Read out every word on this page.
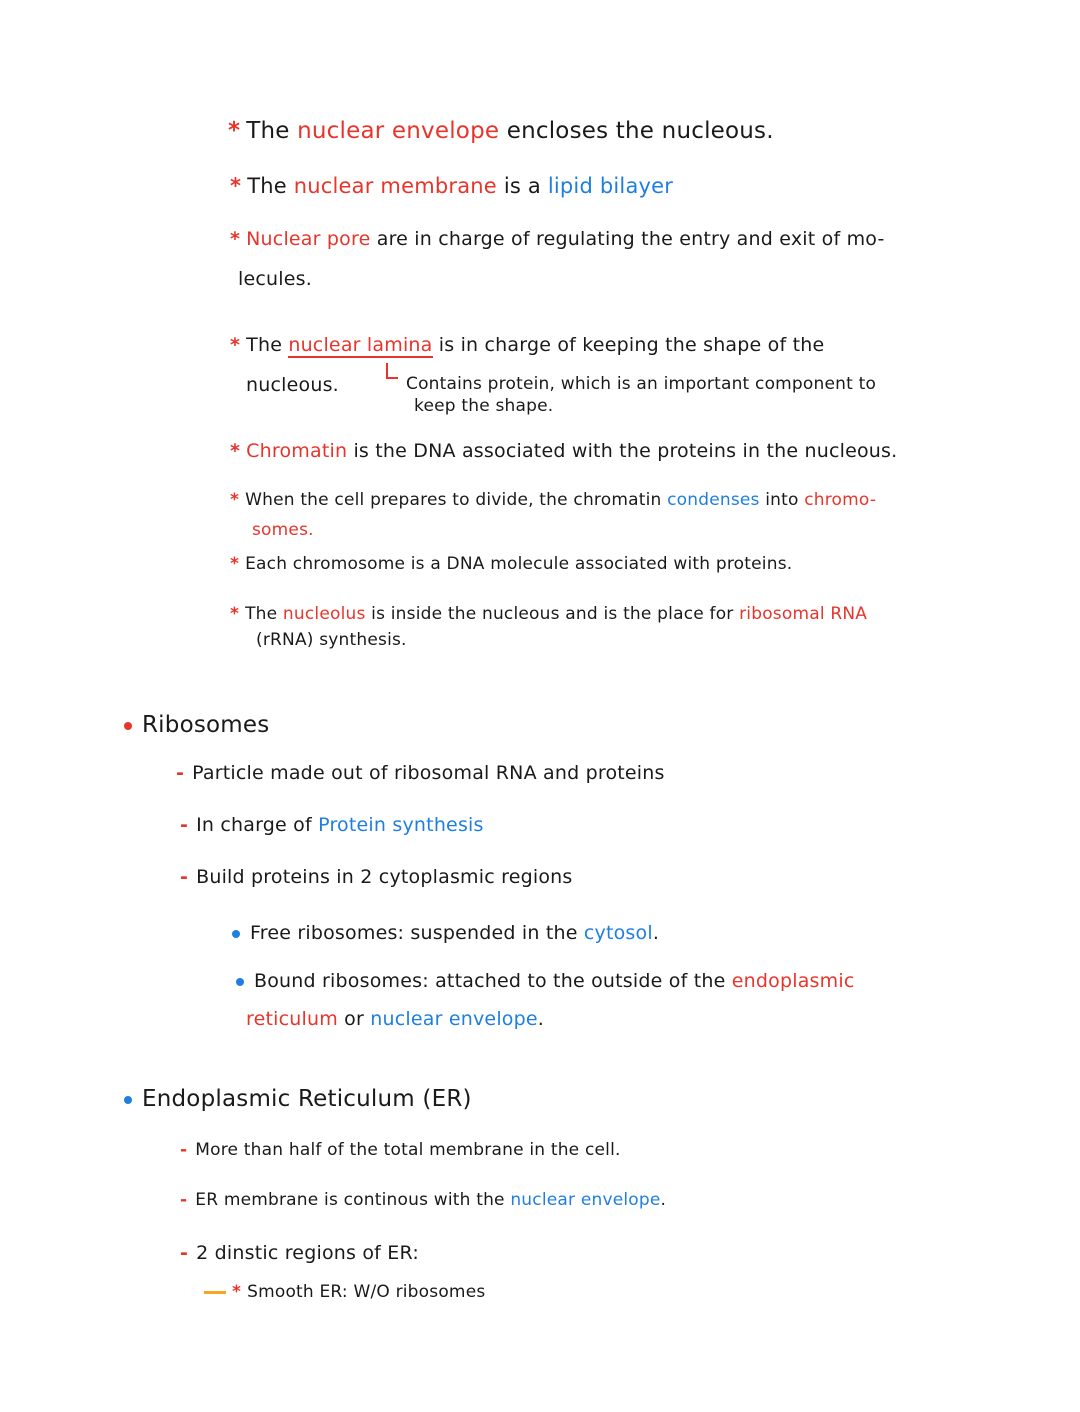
* The nuclear envelope encloses the nucleous.
* The nuclear membrane is a lipid bilayer
* Nuclear pore are in charge of regulating the entry and exit of mo-
lecules.
* The nuclear lamina is in charge of keeping the shape of the
nucleous.	Contains protein, which is an important component to
keep the shape.
* Chromatin is the DNA associated with the proteins in the nucleous.
* When the cell prepares to divide, the chromatin condenses into chromo-
somes.
* Each chromosome is a DNA molecule associated with proteins.
* The nucleolus is inside the nucleous and is the place for ribosomal RNA
(rRNA) synthesis.
Ribosomes
- Particle made out of ribosomal RNA and proteins
- In charge of Protein synthesis
- Build proteins in 2 cytoplasmic regions
Free ribosomes: suspended in the cytosol.
Bound ribosomes: attached to the outside of the endoplasmic
reticulum or nuclear envelope.
Endoplasmic Reticulum (ER)
- More than half of the total membrane in the cell.
- ER membrane is continous with the nuclear envelope.
- 2 dinstic regions of ER:
* Smooth ER: W/O ribosomes
